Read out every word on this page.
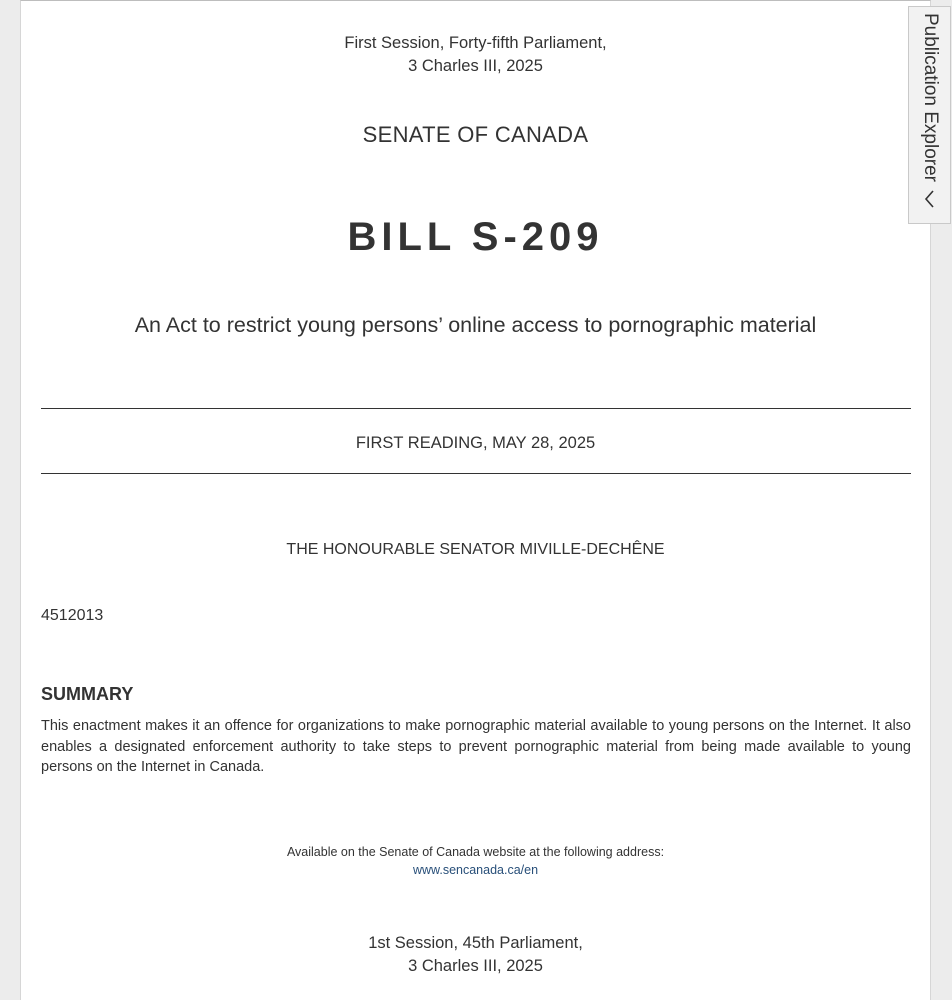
First Session, Forty-fifth Parliament,
3 Charles III, 2025
SENATE OF CANADA
BILL S-209
An Act to restrict young persons’ online access to pornographic material
FIRST READING, MAY 28, 2025
THE HONOURABLE SENATOR MIVILLE-DECHÊNE
4512013
SUMMARY
This enactment makes it an offence for organizations to make pornographic material available to young persons on the Internet. It also enables a designated enforcement authority to take steps to prevent pornographic material from being made available to young persons on the Internet in Canada.
Available on the Senate of Canada website at the following address:
www.sencanada.ca/en
1st Session, 45th Parliament,
3 Charles III, 2025
Publication Explorer
